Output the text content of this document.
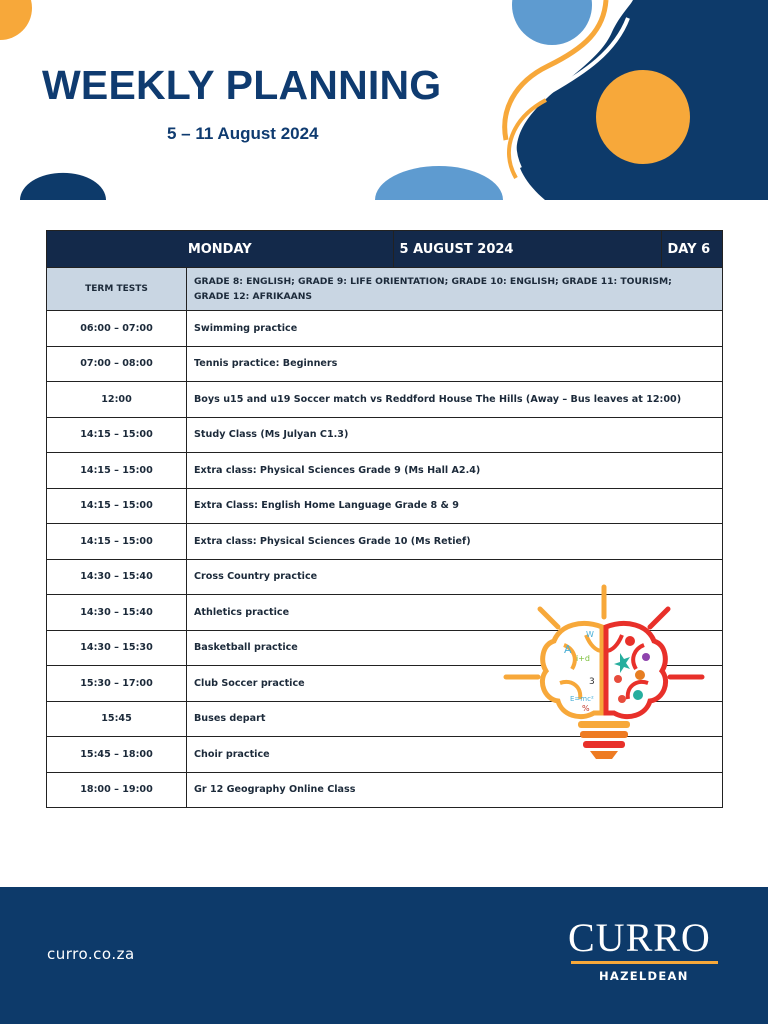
WEEKLY PLANNING
5 – 11 August 2024
MONDAY		5 AUGUST 2024	DAY 6
TERM TESTS	GRADE 8: ENGLISH; GRADE 9: LIFE ORIENTATION; GRADE 10: ENGLISH; GRADE 11: TOURISM;
GRADE 12: AFRIKAANS		
06:00 – 07:00	Swimming practice		
07:00 – 08:00	Tennis practice: Beginners		
12:00	Boys u15 and u19 Soccer match vs Reddford House The Hills (Away – Bus leaves at 12:00)		
14:15 – 15:00	Study Class (Ms Julyan C1.3)		
14:15 – 15:00	Extra class: Physical Sciences Grade 9 (Ms Hall A2.4)		
14:15 – 15:00	Extra Class: English Home Language Grade 8 & 9		
14:15 – 15:00	Extra class: Physical Sciences Grade 10 (Ms Retief)		
14:30 – 15:40	Cross Country practice		
14:30 – 15:40	Athletics practice		
14:30 – 15:30	Basketball practice		
15:30 – 17:00	Club Soccer practice		
15:45	Buses depart		
15:45 – 18:00	Choir practice		
18:00 – 19:00	Gr 12 Geography Online Class		
A
i+d
W
3
E=mc²
%
curro.co.za	CURRO
HAZELDEAN
